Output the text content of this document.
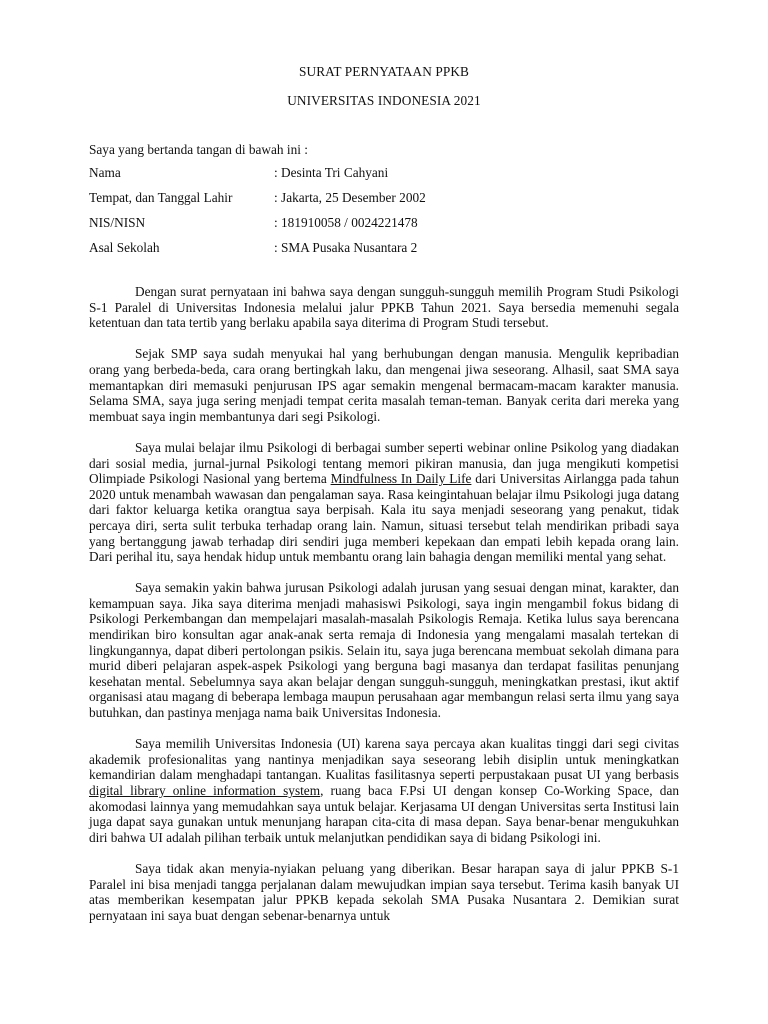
SURAT PERNYATAAN PPKB
UNIVERSITAS INDONESIA 2021
Saya yang bertanda tangan di bawah ini :
Nama	: Desinta Tri Cahyani
Tempat, dan Tanggal Lahir	: Jakarta, 25 Desember 2002
NIS/NISN	: 181910058 / 0024221478
Asal Sekolah	: SMA Pusaka Nusantara 2

Dengan surat pernyataan ini bahwa saya dengan sungguh-sungguh memilih Program Studi Psikologi S-1 Paralel di Universitas Indonesia melalui jalur PPKB Tahun 2021. Saya bersedia memenuhi segala ketentuan dan tata tertib yang berlaku apabila saya diterima di Program Studi tersebut.

Sejak SMP saya sudah menyukai hal yang berhubungan dengan manusia. Mengulik kepribadian orang yang berbeda-beda, cara orang bertingkah laku, dan mengenai jiwa seseorang. Alhasil, saat SMA saya memantapkan diri memasuki penjurusan IPS agar semakin mengenal bermacam-macam karakter manusia. Selama SMA, saya juga sering menjadi tempat cerita masalah teman-teman. Banyak cerita dari mereka yang membuat saya ingin membantunya dari segi Psikologi.

Saya mulai belajar ilmu Psikologi di berbagai sumber seperti webinar online Psikolog yang diadakan dari sosial media, jurnal-jurnal Psikologi tentang memori pikiran manusia, dan juga mengikuti kompetisi Olimpiade Psikologi Nasional yang bertema Mindfulness In Daily Life dari Universitas Airlangga pada tahun 2020 untuk menambah wawasan dan pengalaman saya. Rasa keingintahuan belajar ilmu Psikologi juga datang dari faktor keluarga ketika orangtua saya berpisah. Kala itu saya menjadi seseorang yang penakut, tidak percaya diri, serta sulit terbuka terhadap orang lain. Namun, situasi tersebut telah mendirikan pribadi saya yang bertanggung jawab terhadap diri sendiri juga memberi kepekaan dan empati lebih kepada orang lain. Dari perihal itu, saya hendak hidup untuk membantu orang lain bahagia dengan memiliki mental yang sehat.

Saya semakin yakin bahwa jurusan Psikologi adalah jurusan yang sesuai dengan minat, karakter, dan kemampuan saya. Jika saya diterima menjadi mahasiswi Psikologi, saya ingin mengambil fokus bidang di Psikologi Perkembangan dan mempelajari masalah-masalah Psikologis Remaja. Ketika lulus saya berencana mendirikan biro konsultan agar anak-anak serta remaja di Indonesia yang mengalami masalah tertekan di lingkungannya, dapat diberi pertolongan psikis. Selain itu, saya juga berencana membuat sekolah dimana para murid diberi pelajaran aspek-aspek Psikologi yang berguna bagi masanya dan terdapat fasilitas penunjang kesehatan mental. Sebelumnya saya akan belajar dengan sungguh-sungguh, meningkatkan prestasi, ikut aktif organisasi atau magang di beberapa lembaga maupun perusahaan agar membangun relasi serta ilmu yang saya butuhkan, dan pastinya menjaga nama baik Universitas Indonesia.

Saya memilih Universitas Indonesia (UI) karena saya percaya akan kualitas tinggi dari segi civitas akademik profesionalitas yang nantinya menjadikan saya seseorang lebih disiplin untuk meningkatkan kemandirian dalam menghadapi tantangan. Kualitas fasilitasnya seperti perpustakaan pusat UI yang berbasis digital library online information system, ruang baca F.Psi UI dengan konsep Co-Working Space, dan akomodasi lainnya yang memudahkan saya untuk belajar. Kerjasama UI dengan Universitas serta Institusi lain juga dapat saya gunakan untuk menunjang harapan cita-cita di masa depan. Saya benar-benar mengukuhkan diri bahwa UI adalah pilihan terbaik untuk melanjutkan pendidikan saya di bidang Psikologi ini.

Saya tidak akan menyia-nyiakan peluang yang diberikan. Besar harapan saya di jalur PPKB S-1 Paralel ini bisa menjadi tangga perjalanan dalam mewujudkan impian saya tersebut. Terima kasih banyak UI atas memberikan kesempatan jalur PPKB kepada sekolah SMA Pusaka Nusantara 2. Demikian surat pernyataan ini saya buat dengan sebenar-benarnya untuk
